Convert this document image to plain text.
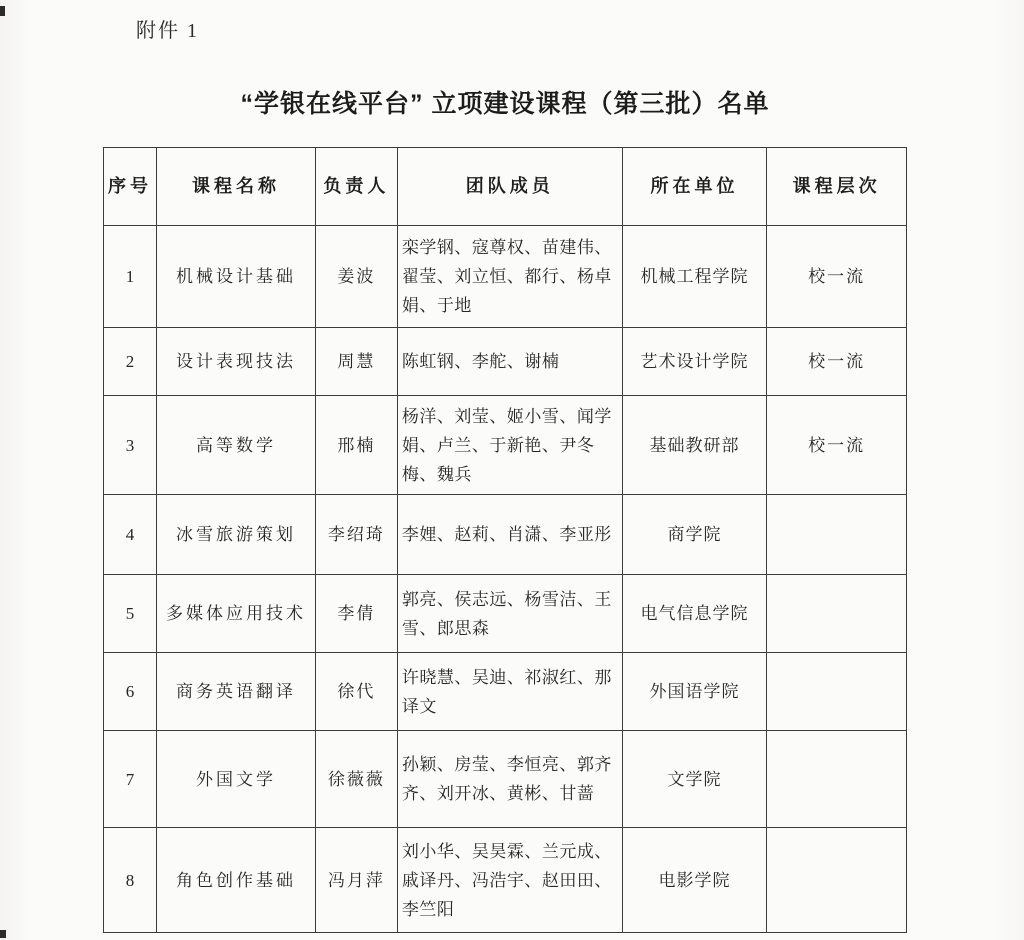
附件 1
“学银在线平台” 立项建设课程（第三批）名单
序号	课程名称	负责人	团队成员	所在单位	课程层次
1	机械设计基础	姜波	栾学钢、寇尊权、苗建伟、翟莹、刘立恒、都行、杨卓娟、于地	机械工程学院	校一流
2	设计表现技法	周慧	陈虹钢、李舵、谢楠	艺术设计学院	校一流
3	高等数学	邢楠	杨洋、刘莹、姬小雪、闻学娟、卢兰、于新艳、尹冬梅、魏兵	基础教研部	校一流
4	冰雪旅游策划	李绍琦	李娌、赵莉、肖潇、李亚彤	商学院	
5	多媒体应用技术	李倩	郭亮、侯志远、杨雪洁、王雪、郎思森	电气信息学院	
6	商务英语翻译	徐代	许晓慧、吴迪、祁淑红、那译文	外国语学院	
7	外国文学	徐薇薇	孙颖、房莹、李恒亮、郭齐齐、刘开冰、黄彬、甘蔷	文学院	
8	角色创作基础	冯月萍	刘小华、吴昊霖、兰元成、戚译丹、冯浩宇、赵田田、李竺阳	电影学院	
